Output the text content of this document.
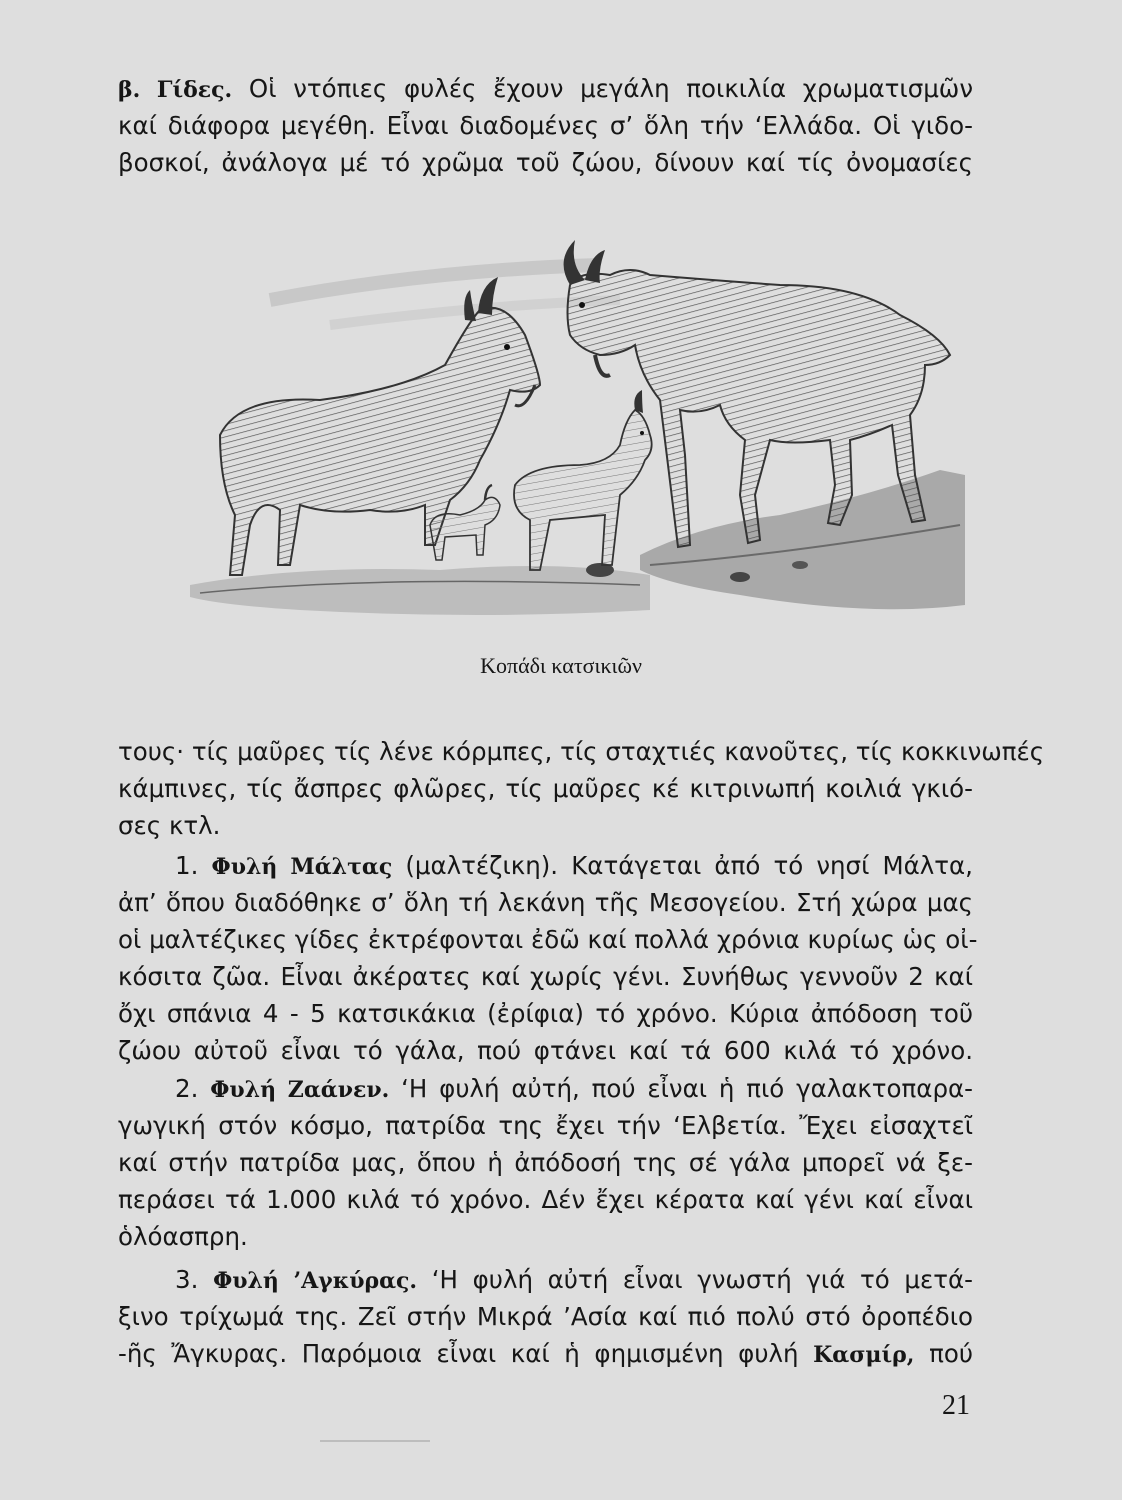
β. Γίδες. Οἱ ντόπιες φυλές ἔχουν μεγάλη ποικιλία χρωματισμῶν

καί διάφορα μεγέθη. Εἶναι διαδομένες σ’ ὅλη τήν ‘Ελλάδα. Οἱ γιδο-

βοσκοί, ἀνάλογα μέ τό χρῶμα τοῦ ζώου, δίνουν καί τίς ὀνομασίες

Κοπάδι κατσικιῶν

τους· τίς μαῦρες τίς λένε κόρμπες, τίς σταχτιές κανοῦτες, τίς κοκκινωπές

κάμπινες, τίς ἄσπρες φλῶρες, τίς μαῦρες κέ κιτρινωπή κοιλιά γκιό-

σες κτλ.

1. Φυλή Μάλτας (μαλτέζικη). Κατάγεται ἀπό τό νησί Μάλτα,

ἀπ’ ὅπου διαδόθηκε σ’ ὅλη τή λεκάνη τῆς Μεσογείου. Στή χώρα μας

οἱ μαλτέζικες γίδες ἐκτρέφονται ἐδῶ καί πολλά χρόνια κυρίως ὡς οἰ-

κόσιτα ζῶα. Εἶναι ἀκέρατες καί χωρίς γένι. Συνήθως γεννοῦν 2 καί

ὄχι σπάνια 4 - 5 κατσικάκια (ἐρίφια) τό χρόνο. Κύρια ἀπόδοση τοῦ

ζώου αὐτοῦ εἶναι τό γάλα, πού φτάνει καί τά 600 κιλά τό χρόνο.

2. Φυλή Ζαάνεν. ‘Η φυλή αὐτή, πού εἶναι ἡ πιό γαλακτοπαρα-

γωγική στόν κόσμο, πατρίδα της ἔχει τήν ‘Ελβετία. Ἔχει εἰσαχτεῖ

καί στήν πατρίδα μας, ὅπου ἡ ἀπόδοσή της σέ γάλα μπορεῖ νά ξε-

περάσει τά 1.000 κιλά τό χρόνο. Δέν ἔχει κέρατα καί γένι καί εἶναι

ὁλόασπρη.

3. Φυλή ’Αγκύρας. ‘Η φυλή αὐτή εἶναι γνωστή γιά τό μετά-

ξινο τρίχωμά της. Ζεῖ στήν Μικρά ’Ασία καί πιό πολύ στό ὀροπέδιο

-ῆς Ἄγκυρας. Παρόμοια εἶναι καί ἡ φημισμένη φυλή Κασμίρ, πού

21
